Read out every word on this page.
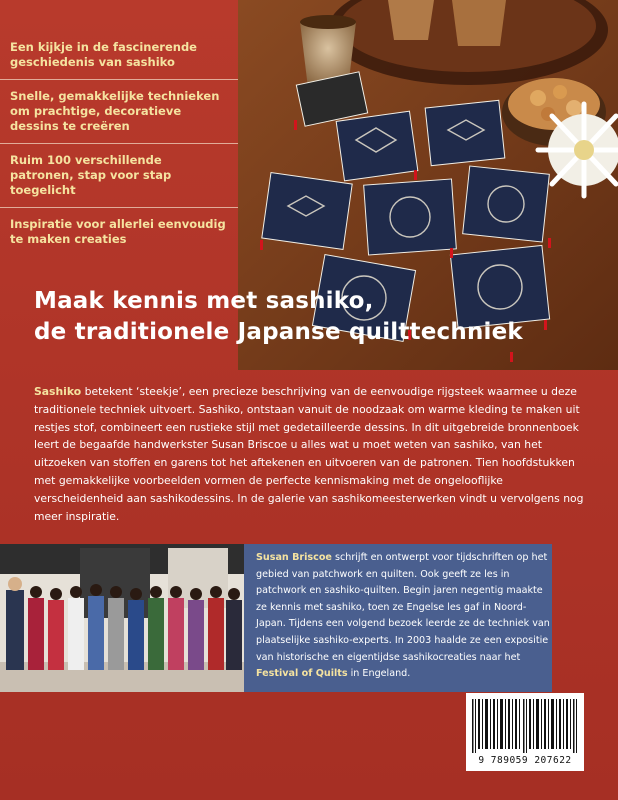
Een kijkje in de fascinerende geschiedenis van sashiko
Snelle, gemakkelijke technieken om prachtige, decoratieve dessins te creëren
Ruim 100 verschillende patronen, stap voor stap toegelicht
Inspiratie voor allerlei eenvoudig te maken creaties
Maak kennis met sashiko,
de traditionele Japanse quilttechniek
Sashiko betekent ‘steekje’, een precieze beschrijving van de eenvoudige rijgsteek waarmee u deze traditionele techniek uitvoert. Sashiko, ontstaan vanuit de noodzaak om warme kleding te maken uit restjes stof, combineert een rustieke stijl met gedetailleerde dessins. In dit uitgebreide bronnenboek leert de begaafde handwerkster Susan Briscoe u alles wat u moet weten van sashiko, van het uitzoeken van stoffen en garens tot het aftekenen en uitvoeren van de patronen. Tien hoofdstukken met gemakkelijke voorbeelden vormen de perfecte kennismaking met de ongelooflijke verscheidenheid aan sashikodessins. In de galerie van sashikomeesterwerken vindt u vervolgens nog meer inspiratie.
Susan Briscoe schrijft en ontwerpt voor tijdschriften op het gebied van patchwork en quilten. Ook geeft ze les in patchwork en sashiko-quilten. Begin jaren negentig maakte ze kennis met sashiko, toen ze Engelse les gaf in Noord-Japan. Tijdens een volgend bezoek leerde ze de techniek van plaatselijke sashiko-experts. In 2003 haalde ze een expositie van historische en eigentijdse sashikocreaties naar het Festival of Quilts in Engeland.
9 789059 207622
